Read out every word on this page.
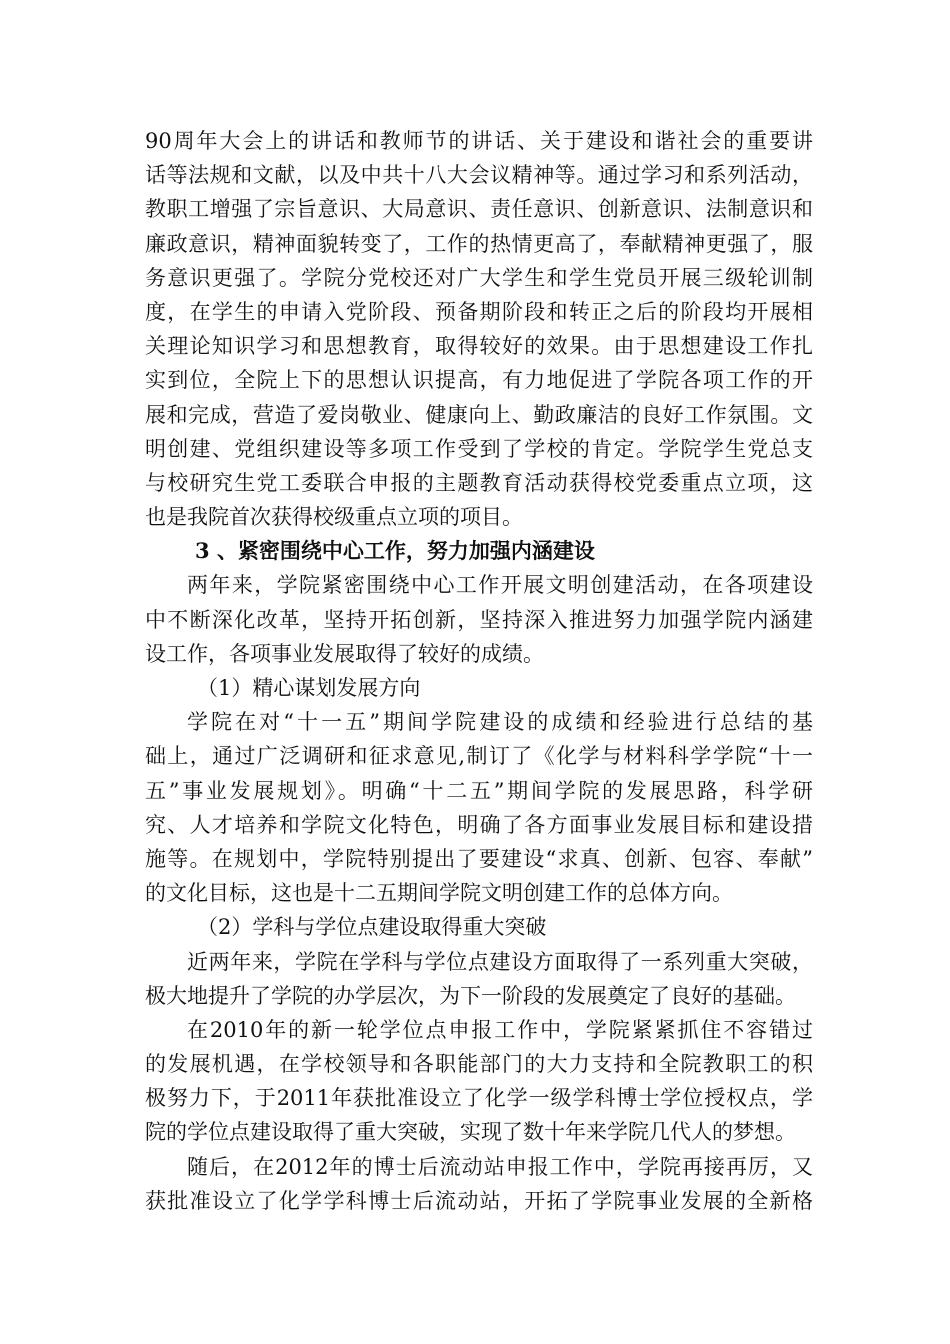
90周年大会上的讲话和教师节的讲话、关于建设和谐社会的重要讲
话等法规和文献，以及中共十八大会议精神等。通过学习和系列活动，
教职工增强了宗旨意识、大局意识、责任意识、创新意识、法制意识和
廉政意识，精神面貌转变了，工作的热情更高了，奉献精神更强了，服
务意识更强了。学院分党校还对广大学生和学生党员开展三级轮训制
度，在学生的申请入党阶段、预备期阶段和转正之后的阶段均开展相
关理论知识学习和思想教育，取得较好的效果。由于思想建设工作扎
实到位，全院上下的思想认识提高，有力地促进了学院各项工作的开
展和完成，营造了爱岗敬业、健康向上、勤政廉洁的良好工作氛围。文
明创建、党组织建设等多项工作受到了学校的肯定。学院学生党总支
与校研究生党工委联合申报的主题教育活动获得校党委重点立项，这
也是我院首次获得校级重点立项的项目。
3 、紧密围绕中心工作，努力加强内涵建设
两年来，学院紧密围绕中心工作开展文明创建活动，在各项建设
中不断深化改革，坚持开拓创新，坚持深入推进努力加强学院内涵建
设工作，各项事业发展取得了较好的成绩。
（1）精心谋划发展方向
学院在对“十一五”期间学院建设的成绩和经验进行总结的基
础上，通过广泛调研和征求意见,制订了《化学与材料科学学院“十一
五”事业发展规划》。明确“十二五”期间学院的发展思路，科学研
究、人才培养和学院文化特色，明确了各方面事业发展目标和建设措
施等。在规划中，学院特别提出了要建设“求真、创新、包容、奉献”
的文化目标，这也是十二五期间学院文明创建工作的总体方向。
（2）学科与学位点建设取得重大突破
近两年来，学院在学科与学位点建设方面取得了一系列重大突破，
极大地提升了学院的办学层次，为下一阶段的发展奠定了良好的基础。
在2010年的新一轮学位点申报工作中，学院紧紧抓住不容错过
的发展机遇，在学校领导和各职能部门的大力支持和全院教职工的积
极努力下，于2011年获批准设立了化学一级学科博士学位授权点，学
院的学位点建设取得了重大突破，实现了数十年来学院几代人的梦想。
随后，在2012年的博士后流动站申报工作中，学院再接再厉，又
获批准设立了化学学科博士后流动站，开拓了学院事业发展的全新格
